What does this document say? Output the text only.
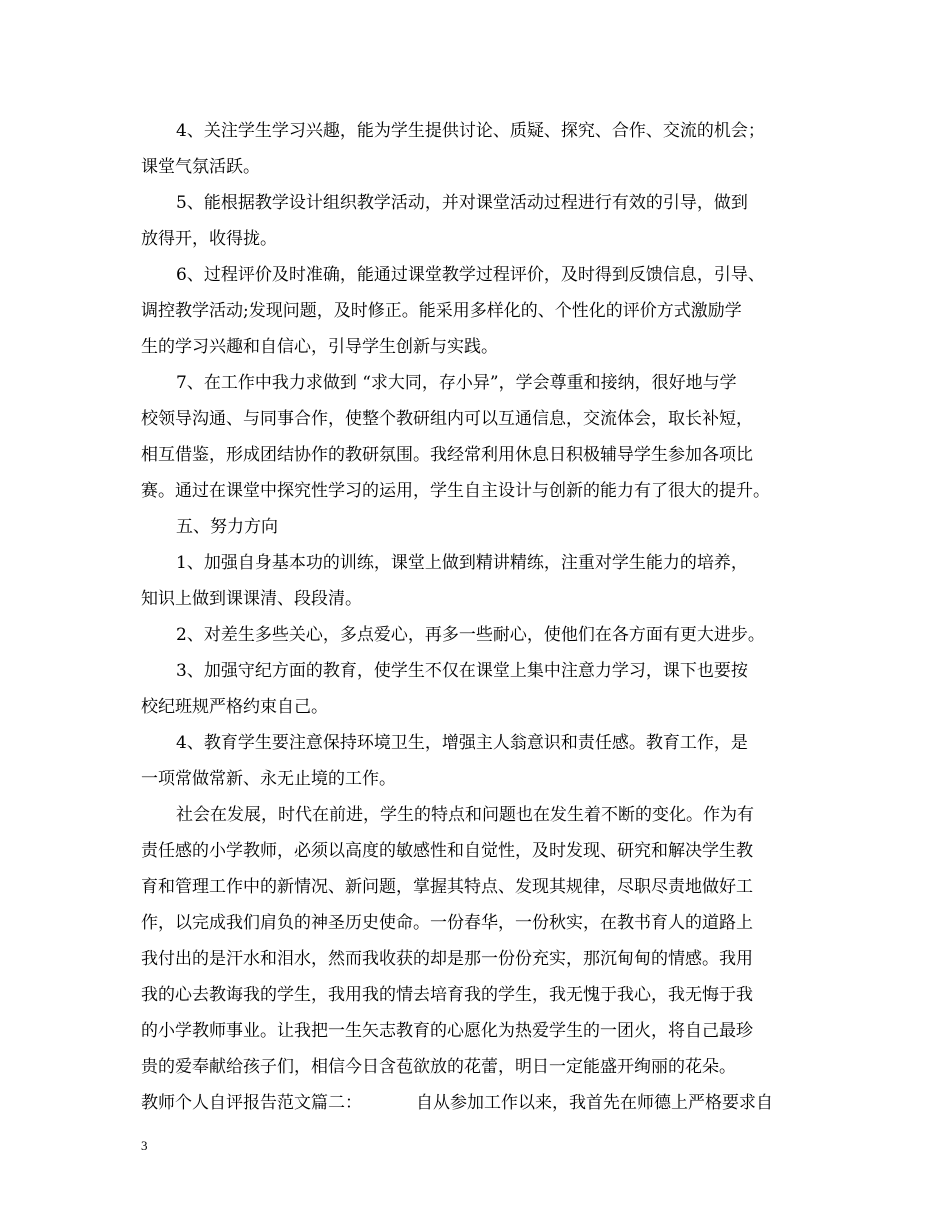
4、关注学生学习兴趣，能为学生提供讨论、质疑、探究、合作、交流的机会；
课堂气氛活跃。
5、能根据教学设计组织教学活动，并对课堂活动过程进行有效的引导，做到
放得开，收得拢。
6、过程评价及时准确，能通过课堂教学过程评价，及时得到反馈信息，引导、
调控教学活动;发现问题，及时修正。能采用多样化的、个性化的评价方式激励学
生的学习兴趣和自信心，引导学生创新与实践。
7、在工作中我力求做到 “求大同，存小异”，学会尊重和接纳，很好地与学
校领导沟通、与同事合作，使整个教研组内可以互通信息，交流体会，取长补短，
相互借鉴，形成团结协作的教研氛围。我经常利用休息日积极辅导学生参加各项比
赛。通过在课堂中探究性学习的运用，学生自主设计与创新的能力有了很大的提升。
五、努力方向
1、加强自身基本功的训练，课堂上做到精讲精练，注重对学生能力的培养，
知识上做到课课清、段段清。
2、对差生多些关心，多点爱心，再多一些耐心，使他们在各方面有更大进步。
3、加强守纪方面的教育，使学生不仅在课堂上集中注意力学习，课下也要按
校纪班规严格约束自己。
4、教育学生要注意保持环境卫生，增强主人翁意识和责任感。教育工作，是
一项常做常新、永无止境的工作。
社会在发展，时代在前进，学生的特点和问题也在发生着不断的变化。作为有
责任感的小学教师，必须以高度的敏感性和自觉性，及时发现、研究和解决学生教
育和管理工作中的新情况、新问题，掌握其特点、发现其规律，尽职尽责地做好工
作，以完成我们肩负的神圣历史使命。一份春华，一份秋实，在教书育人的道路上
我付出的是汗水和泪水，然而我收获的却是那一份份充实，那沉甸甸的情感。我用
我的心去教诲我的学生，我用我的情去培育我的学生，我无愧于我心，我无悔于我
的小学教师事业。让我把一生矢志教育的心愿化为热爱学生的一团火，将自己最珍
贵的爱奉献给孩子们，相信今日含苞欲放的花蕾，明日一定能盛开绚丽的花朵。
教师个人自评报告范文篇二：          自从参加工作以来，我首先在师德上严格要求自
3
